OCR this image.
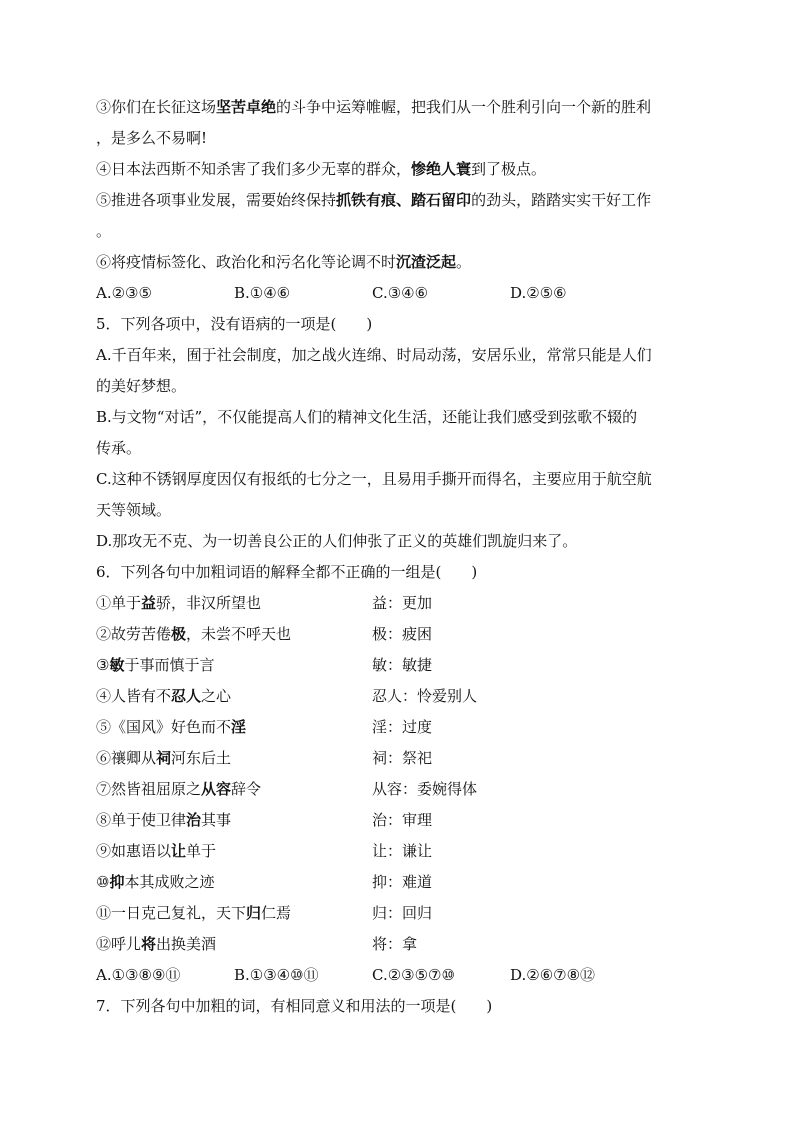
③你们在长征这场坚苦卓绝的斗争中运筹帷幄，把我们从一个胜利引向一个新的胜利
，是多么不易啊!
④日本法西斯不知杀害了我们多少无辜的群众，惨绝人寰到了极点。
⑤推进各项事业发展，需要始终保持抓铁有痕、踏石留印的劲头，踏踏实实干好工作
。
⑥将疫情标签化、政治化和污名化等论调不时沉渣泛起。
A.②③⑤	B.①④⑥	C.③④⑥	D.②⑤⑥
5．下列各项中，没有语病的一项是(　　)
A.千百年来，囿于社会制度，加之战火连绵、时局动荡，安居乐业，常常只能是人们
的美好梦想。
B.与文物“对话”，不仅能提高人们的精神文化生活，还能让我们感受到弦歌不辍的
传承。
C.这种不锈钢厚度因仅有报纸的七分之一，且易用手撕开而得名，主要应用于航空航
天等领域。
D.那攻无不克、为一切善良公正的人们伸张了正义的英雄们凯旋归来了。
6．下列各句中加粗词语的解释全都不正确的一组是(　　)
①单于益骄，非汉所望也	益：更加
②故劳苦倦极，未尝不呼天也	极：疲困
③敏于事而慎于言	敏：敏捷
④人皆有不忍人之心	忍人：怜爱别人
⑤《国风》好色而不淫	淫：过度
⑥禳卿从祠河东后土	祠：祭祀
⑦然皆祖屈原之从容辞令	从容：委婉得体
⑧单于使卫律治其事	治：审理
⑨如惠语以让单于	让：谦让
⑩抑本其成败之迹	抑：难道
⑪一日克己复礼，天下归仁焉	归：回归
⑫呼儿将出换美酒	将：拿
A.①③⑧⑨⑪	B.①③④⑩⑪	C.②③⑤⑦⑩	D.②⑥⑦⑧⑫
7．下列各句中加粗的词，有相同意义和用法的一项是(　　)
